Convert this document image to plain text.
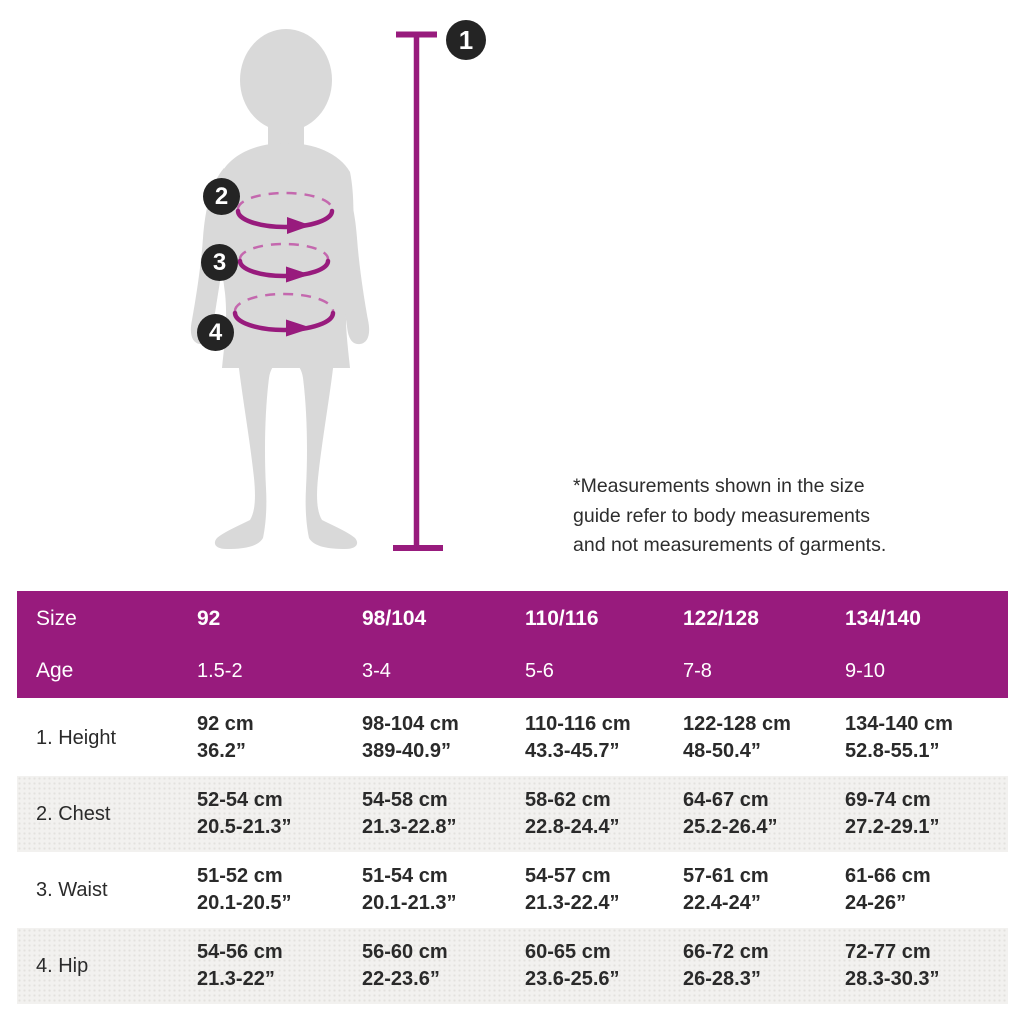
1
2
3
4
*Measurements shown in the size
guide refer to body measurements
and not measurements of garments.
Size
Age
92
1.5-2
98/104
3-4
110/116
5-6
122/128
7-8
134/140
9-10
1. Height
92 cm
36.2”
98-104 cm
389-40.9”
110-116 cm
43.3-45.7”
122-128 cm
48-50.4”
134-140 cm
52.8-55.1”
2. Chest
52-54 cm
20.5-21.3”
54-58 cm
21.3-22.8”
58-62 cm
22.8-24.4”
64-67 cm
25.2-26.4”
69-74 cm
27.2-29.1”
3. Waist
51-52 cm
20.1-20.5”
51-54 cm
20.1-21.3”
54-57 cm
21.3-22.4”
57-61 cm
22.4-24”
61-66 cm
24-26”
4. Hip
54-56 cm
21.3-22”
56-60 cm
22-23.6”
60-65 cm
23.6-25.6”
66-72 cm
26-28.3”
72-77 cm
28.3-30.3”
